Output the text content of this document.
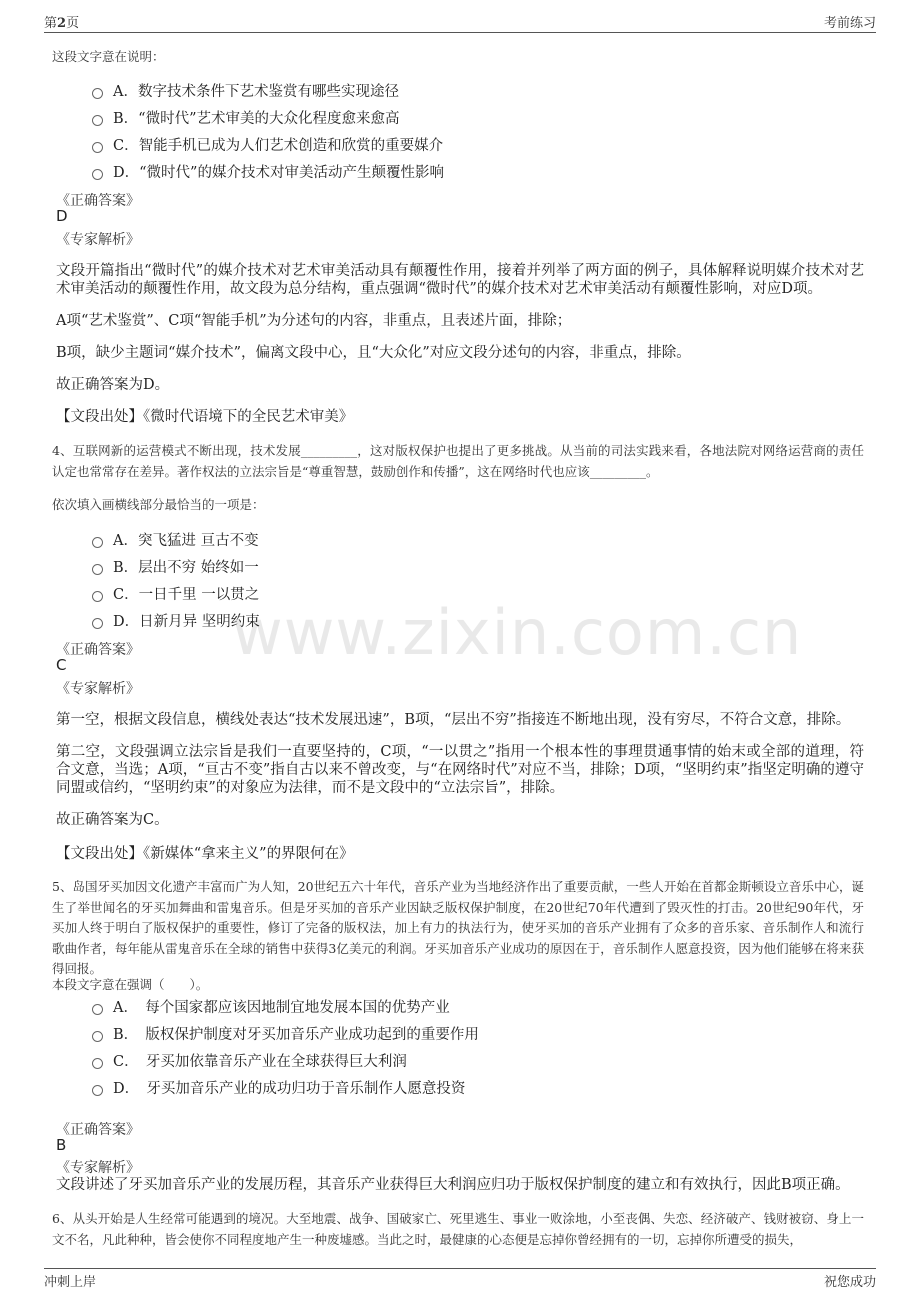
第2页	考前练习
www.zixin.com.cn
这段文字意在说明：
A．数字技术条件下艺术鉴赏有哪些实现途径
B．“微时代”艺术审美的大众化程度愈来愈高
C．智能手机已成为人们艺术创造和欣赏的重要媒介
D．“微时代”的媒介技术对审美活动产生颠覆性影响
《正确答案》
D
《专家解析》
文段开篇指出“微时代”的媒介技术对艺术审美活动具有颠覆性作用，接着并列举了两方面的例子，具体解释说明媒介技术对艺术审美活动的颠覆性作用，故文段为总分结构，重点强调“微时代”的媒介技术对艺术审美活动有颠覆性影响，对应D项。
A项“艺术鉴赏”、C项“智能手机”为分述句的内容，非重点，且表述片面，排除；
B项，缺少主题词“媒介技术”，偏离文段中心，且“大众化”对应文段分述句的内容，非重点，排除。
故正确答案为D。
【文段出处】《微时代语境下的全民艺术审美》
4、互联网新的运营模式不断出现，技术发展_________，这对版权保护也提出了更多挑战。从当前的司法实践来看，各地法院对网络运营商的责任认定也常常存在差异。著作权法的立法宗旨是“尊重智慧，鼓励创作和传播”，这在网络时代也应该_________。
依次填入画横线部分最恰当的一项是：
A．突飞猛进 亘古不变
B．层出不穷 始终如一
C．一日千里 一以贯之
D．日新月异 坚明约束
《正确答案》
C
《专家解析》
第一空，根据文段信息，横线处表达“技术发展迅速”，B项，“层出不穷”指接连不断地出现，没有穷尽，不符合文意，排除。
第二空，文段强调立法宗旨是我们一直要坚持的，C项，“一以贯之”指用一个根本性的事理贯通事情的始末或全部的道理，符合文意，当选；A项，“亘古不变”指自古以来不曾改变，与“在网络时代”对应不当，排除；D项，“坚明约束”指坚定明确的遵守同盟或信约，“坚明约束”的对象应为法律，而不是文段中的“立法宗旨”，排除。
故正确答案为C。
【文段出处】《新媒体“拿来主义”的界限何在》
5、岛国牙买加因文化遗产丰富而广为人知，20世纪五六十年代，音乐产业为当地经济作出了重要贡献，一些人开始在首都金斯顿设立音乐中心，诞生了举世闻名的牙买加舞曲和雷鬼音乐。但是牙买加的音乐产业因缺乏版权保护制度，在20世纪70年代遭到了毁灭性的打击。20世纪90年代，牙买加人终于明白了版权保护的重要性，修订了完备的版权法，加上有力的执法行为，使牙买加的音乐产业拥有了众多的音乐家、音乐制作人和流行歌曲作者，每年能从雷鬼音乐在全球的销售中获得3亿美元的利润。牙买加音乐产业成功的原因在于，音乐制作人愿意投资，因为他们能够在将来获得回报。
本段文字意在强调（　　）。
A．　每个国家都应该因地制宜地发展本国的优势产业
B．　版权保护制度对牙买加音乐产业成功起到的重要作用
C．　牙买加依靠音乐产业在全球获得巨大利润
D．　牙买加音乐产业的成功归功于音乐制作人愿意投资
《正确答案》
B
《专家解析》
文段讲述了牙买加音乐产业的发展历程，其音乐产业获得巨大利润应归功于版权保护制度的建立和有效执行，因此B项正确。
6、从头开始是人生经常可能遇到的境况。大至地震、战争、国破家亡、死里逃生、事业一败涂地，小至丧偶、失恋、经济破产、钱财被窃、身上一文不名，凡此种种，皆会使你不同程度地产生一种废墟感。当此之时，最健康的心态便是忘掉你曾经拥有的一切，忘掉你所遭受的损失，
冲刺上岸	祝您成功
